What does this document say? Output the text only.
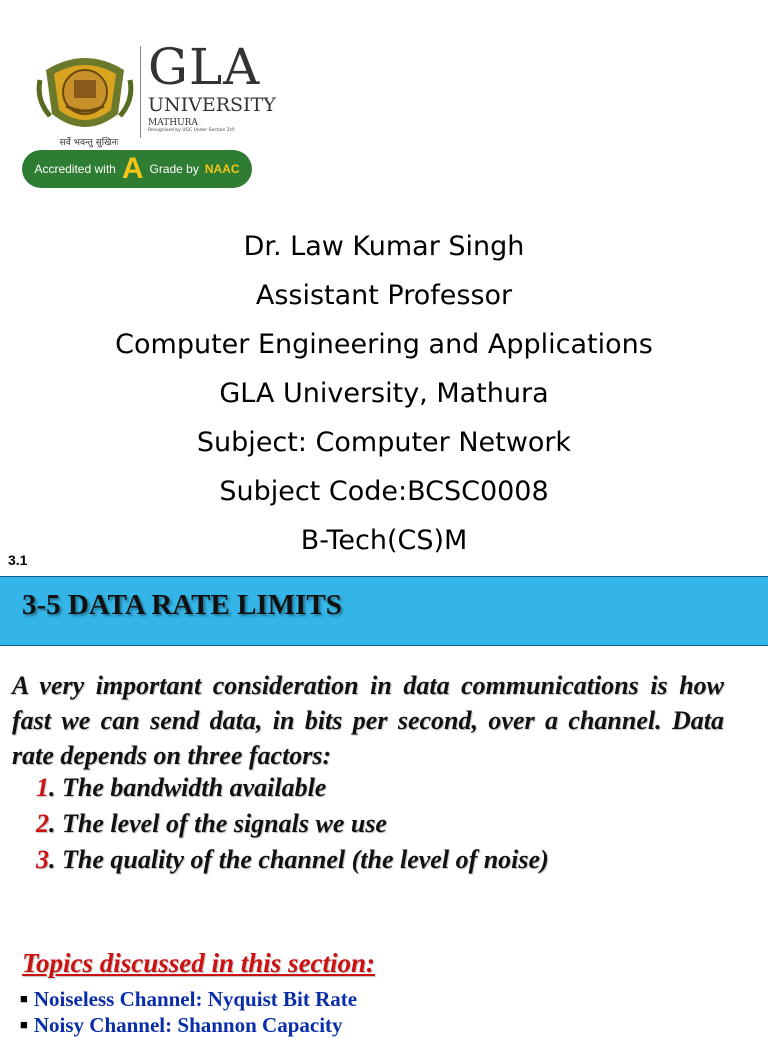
सर्वे भवन्तु सुखिनः
GLA
UNIVERSITY
MATHURA
Recognised by UGC Under Section 2(f)
Accredited with A Grade by NAAC
Dr. Law Kumar Singh
Assistant Professor
Computer Engineering and Applications
GLA University, Mathura
Subject: Computer Network
Subject Code:BCSC0008
B-Tech(CS)M
3.1
3-5 DATA RATE LIMITS
A very important consideration in data communications is how fast we can send data, in bits per second, over a channel. Data rate depends on three factors:
1. The bandwidth available
2. The level of the signals we use
3. The quality of the channel (the level of noise)
Topics discussed in this section:
■ Noiseless Channel: Nyquist Bit Rate
■ Noisy Channel: Shannon Capacity
